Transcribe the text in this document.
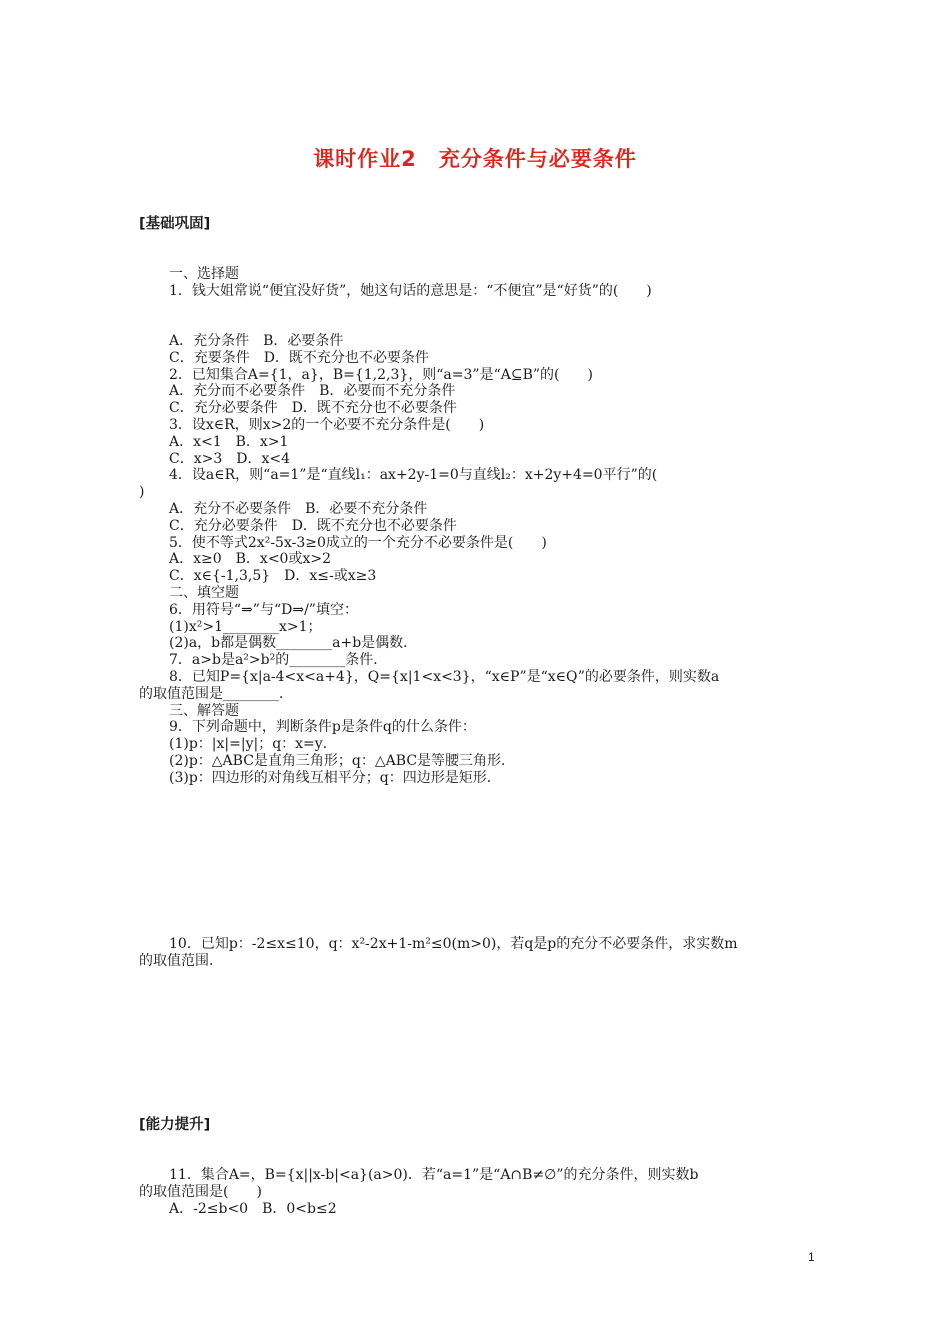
课时作业2　充分条件与必要条件
[基础巩固]
一、选择题
1．钱大姐常说“便宜没好货”，她这句话的意思是：“不便宜”是“好货”的(　　)
A．充分条件　B．必要条件
C．充要条件　D．既不充分也不必要条件
2．已知集合A={1，a}，B={1,2,3}，则“a=3”是“A⊆B”的(　　)
A．充分而不必要条件　B．必要而不充分条件
C．充分必要条件　D．既不充分也不必要条件
3．设x∈R，则x>2的一个必要不充分条件是(　　)
A．x<1　B．x>1
C．x>3　D．x<4
4．设a∈R，则“a=1”是“直线l₁：ax+2y-1=0与直线l₂：x+2y+4=0平行”的(
)
A．充分不必要条件　B．必要不充分条件
C．充分必要条件　D．既不充分也不必要条件
5．使不等式2x²-5x-3≥0成立的一个充分不必要条件是(　　)
A．x≥0　B．x<0或x>2
C．x∈{-1,3,5}　D．x≤-或x≥3
二、填空题
6．用符号“⇒”与“D⇒/”填空：
(1)x²>1________x>1；
(2)a，b都是偶数________a+b是偶数．
7．a>b是a²>b²的________条件．
8．已知P={x|a-4<x<a+4}，Q={x|1<x<3}，“x∈P”是“x∈Q”的必要条件，则实数a
的取值范围是________．
三、解答题
9．下列命题中，判断条件p是条件q的什么条件：
(1)p：|x|=|y|；q：x=y．
(2)p：△ABC是直角三角形；q：△ABC是等腰三角形．
(3)p：四边形的对角线互相平分；q：四边形是矩形．
10．已知p：-2≤x≤10，q：x²-2x+1-m²≤0(m>0)，若q是p的充分不必要条件，求实数m
的取值范围．
[能力提升]
11．集合A=，B={x||x-b|<a}(a>0)．若“a=1”是“A∩B≠∅”的充分条件，则实数b
的取值范围是(　　)
A．-2≤b<0　B．0<b≤2
1
